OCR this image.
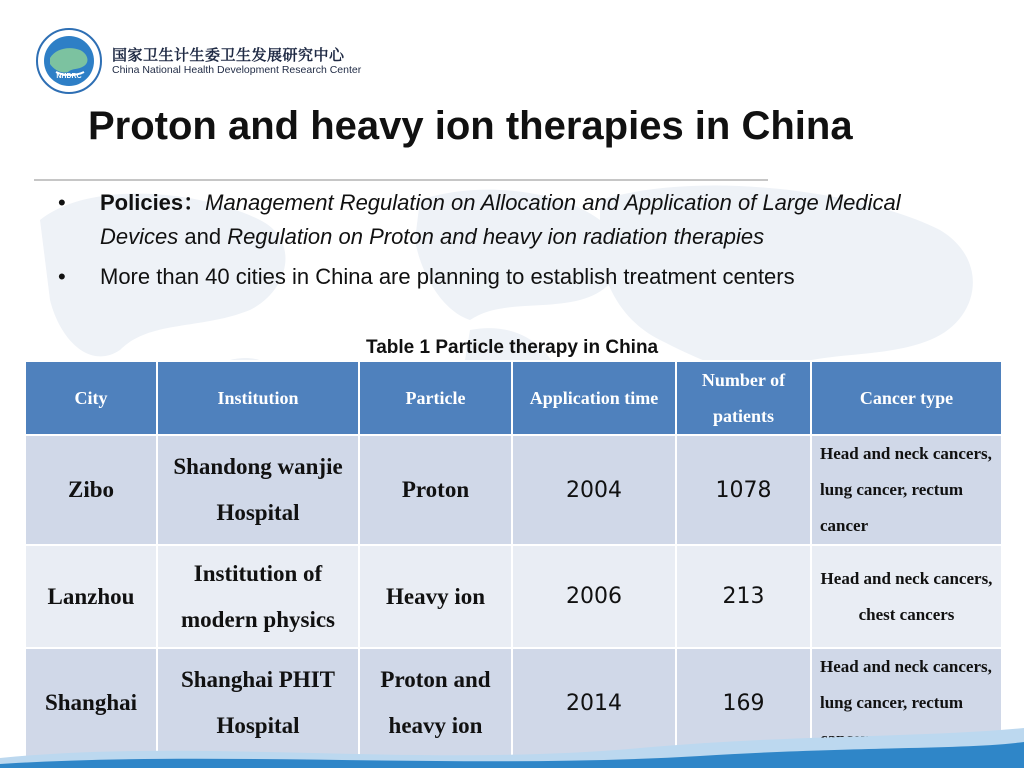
NHDRC
国家卫生计生委卫生发展研究中心
China National Health Development Research Center
Proton and heavy ion therapies in China
• Policies：Management Regulation on Allocation and Application of Large Medical Devices and Regulation on Proton and heavy ion radiation therapies
• More than 40 cities in China are planning to establish treatment centers
Table 1 Particle therapy in China
City	Institution	Particle	Application time	Number of patients	Cancer type
Zibo	Shandong wanjie Hospital	Proton	2004	1078	Head and neck cancers, lung cancer, rectum cancer
Lanzhou	Institution of modern physics	Heavy ion	2006	213	Head and neck cancers, chest cancers
Shanghai	Shanghai PHIT Hospital	Proton and heavy ion	2014	169	Head and neck cancers, lung cancer, rectum
